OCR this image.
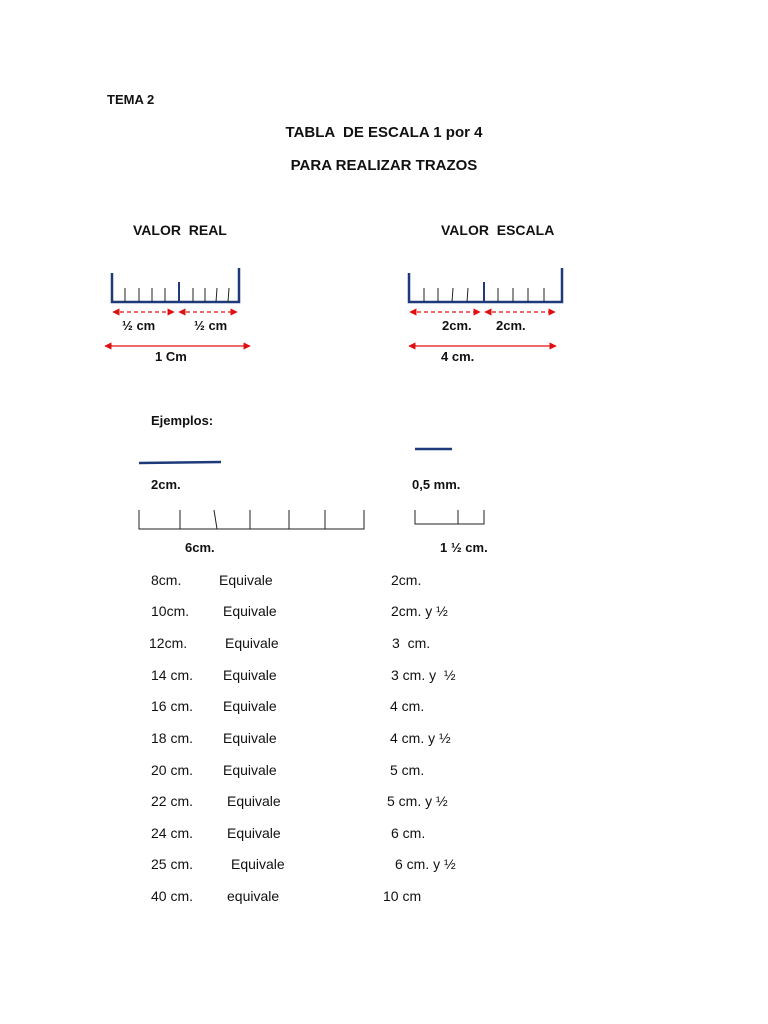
TEMA 2
TABLA  DE ESCALA 1 por 4
PARA REALIZAR TRAZOS
VALOR  REAL	VALOR  ESCALA
½ cm	½ cm
1 Cm
2cm. 2cm.
4 cm.
Ejemplos:
2cm.	0,5 mm.
6cm.	1 ½ cm.
8cm.	Equivale	2cm.
10cm. Equivale	2cm. y ½
12cm.	Equivale	3  cm.
14 cm. Equivale	3 cm. y  ½
16 cm. Equivale	4 cm.
18 cm. Equivale	4 cm. y ½
20 cm. Equivale	5 cm.
22 cm. Equivale	5 cm. y ½
24 cm. Equivale	6 cm.
25 cm.	Equivale	6 cm. y ½
40 cm. equivale	10 cm
